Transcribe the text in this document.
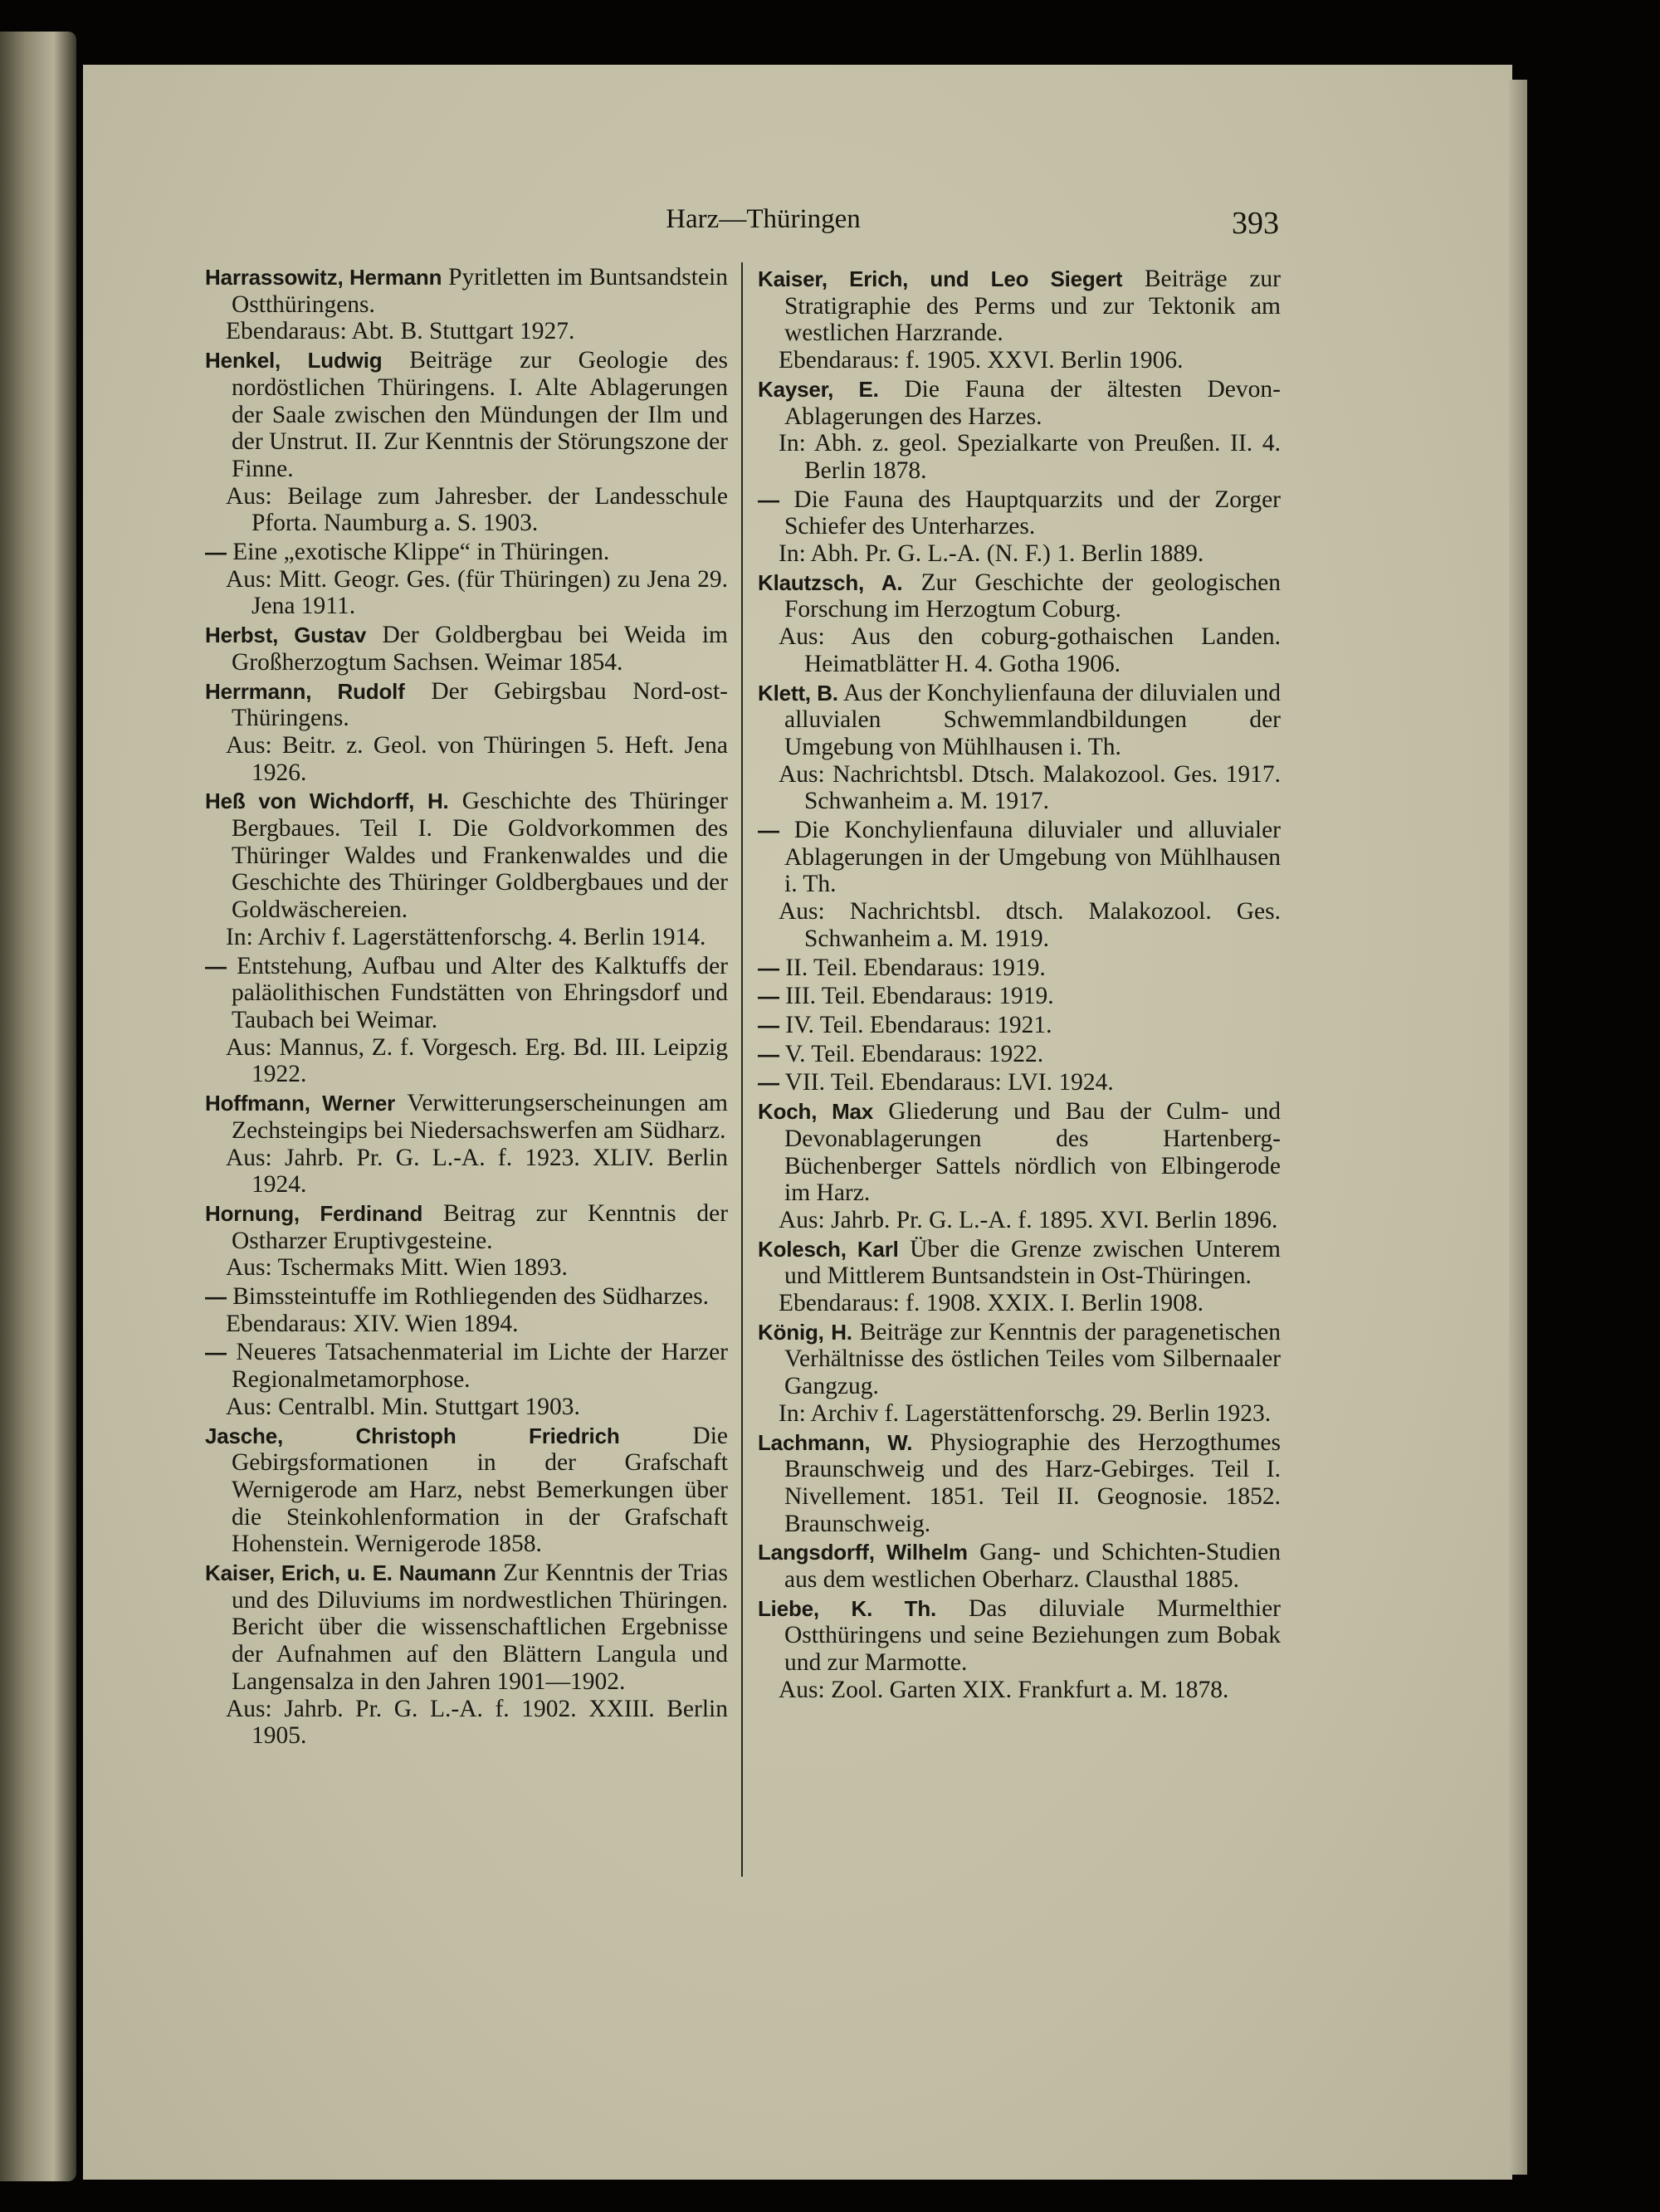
Harz—Thüringen	393
Harrassowitz, Hermann Pyritletten im Buntsandstein Ostthüringens.
Ebendaraus: Abt. B. Stuttgart 1927.
Henkel, Ludwig Beiträge zur Geologie des nordöstlichen Thüringens. I. Alte Ablagerungen der Saale zwischen den Mündungen der Ilm und der Unstrut. II. Zur Kenntnis der Störungszone der Finne.
Aus: Beilage zum Jahresber. der Landesschule Pforta. Naumburg a. S. 1903.
— Eine „exotische Klippe“ in Thüringen.
Aus: Mitt. Geogr. Ges. (für Thüringen) zu Jena 29. Jena 1911.
Herbst, Gustav Der Goldbergbau bei Weida im Großherzogtum Sachsen. Weimar 1854.
Herrmann, Rudolf Der Gebirgsbau Nord-ost-Thüringens.
Aus: Beitr. z. Geol. von Thüringen 5. Heft. Jena 1926.
Heß von Wichdorff, H. Geschichte des Thüringer Bergbaues. Teil I. Die Goldvorkommen des Thüringer Waldes und Frankenwaldes und die Geschichte des Thüringer Goldbergbaues und der Goldwäschereien.
In: Archiv f. Lagerstättenforschg. 4. Berlin 1914.
— Entstehung, Aufbau und Alter des Kalktuffs der paläolithischen Fundstätten von Ehringsdorf und Taubach bei Weimar.
Aus: Mannus, Z. f. Vorgesch. Erg. Bd. III. Leipzig 1922.
Hoffmann, Werner Verwitterungserscheinungen am Zechsteingips bei Niedersachswerfen am Südharz.
Aus: Jahrb. Pr. G. L.-A. f. 1923. XLIV. Berlin 1924.
Hornung, Ferdinand Beitrag zur Kenntnis der Ostharzer Eruptivgesteine.
Aus: Tschermaks Mitt. Wien 1893.
— Bimssteintuffe im Rothliegenden des Südharzes.
Ebendaraus: XIV. Wien 1894.
— Neueres Tatsachenmaterial im Lichte der Harzer Regionalmetamorphose.
Aus: Centralbl. Min. Stuttgart 1903.
Jasche, Christoph Friedrich	Die Gebirgsformationen in der Grafschaft Wernigerode am Harz, nebst Bemerkungen über die Steinkohlenformation in der Grafschaft Hohenstein. Wernigerode 1858.
Kaiser, Erich, u. E. Naumann Zur Kenntnis der Trias und des Diluviums im nordwestlichen Thüringen. Bericht über die wissenschaftlichen Ergebnisse der Aufnahmen auf den Blättern Langula und Langensalza in den Jahren 1901—1902.
Aus: Jahrb. Pr. G. L.-A. f. 1902. XXIII. Berlin 1905.
Kaiser, Erich, und Leo Siegert Beiträge zur Stratigraphie des Perms und zur Tektonik am westlichen Harzrande.
Ebendaraus: f. 1905. XXVI. Berlin 1906.
Kayser, E. Die Fauna der ältesten Devon-Ablagerungen des Harzes.
In: Abh. z. geol. Spezialkarte von Preußen. II. 4. Berlin 1878.
— Die Fauna des Hauptquarzits und der Zorger Schiefer des Unterharzes.
In: Abh. Pr. G. L.-A. (N. F.) 1. Berlin 1889.
Klautzsch, A. Zur Geschichte der geologischen Forschung im Herzogtum Coburg.
Aus: Aus den coburg-gothaischen Landen. Heimatblätter H. 4. Gotha 1906.
Klett, B. Aus der Konchylienfauna der diluvialen und alluvialen Schwemmlandbildungen der Umgebung von Mühlhausen i. Th.
Aus: Nachrichtsbl. Dtsch. Malakozool. Ges. 1917. Schwanheim a. M. 1917.
— Die Konchylienfauna diluvialer und alluvialer Ablagerungen in der Umgebung von Mühlhausen i. Th.
Aus: Nachrichtsbl. dtsch. Malakozool. Ges. Schwanheim a. M. 1919.
— II. Teil. Ebendaraus: 1919.
— III. Teil. Ebendaraus: 1919.
— IV. Teil. Ebendaraus: 1921.
— V. Teil. Ebendaraus: 1922.
— VII. Teil. Ebendaraus: LVI. 1924.
Koch, Max Gliederung und Bau der Culm- und Devonablagerungen des Hartenberg-Büchenberger Sattels nördlich von Elbingerode im Harz.
Aus: Jahrb. Pr. G. L.-A. f. 1895. XVI. Berlin 1896.
Kolesch, Karl Über die Grenze zwischen Unterem und Mittlerem Buntsandstein in Ost-Thüringen.
Ebendaraus: f. 1908. XXIX. I. Berlin 1908.
König, H. Beiträge zur Kenntnis der paragenetischen Verhältnisse des östlichen Teiles vom Silbernaaler Gangzug.
In: Archiv f. Lagerstättenforschg. 29. Berlin 1923.
Lachmann, W. Physiographie des Herzogthumes Braunschweig und des Harz-Gebirges. Teil I. Nivellement. 1851. Teil II. Geognosie. 1852. Braunschweig.
Langsdorff, Wilhelm Gang- und Schichten-Studien aus dem westlichen Oberharz. Clausthal 1885.
Liebe, K. Th. Das diluviale Murmelthier Ostthüringens und seine Beziehungen zum Bobak und zur Marmotte.
Aus: Zool. Garten XIX. Frankfurt a. M. 1878.
